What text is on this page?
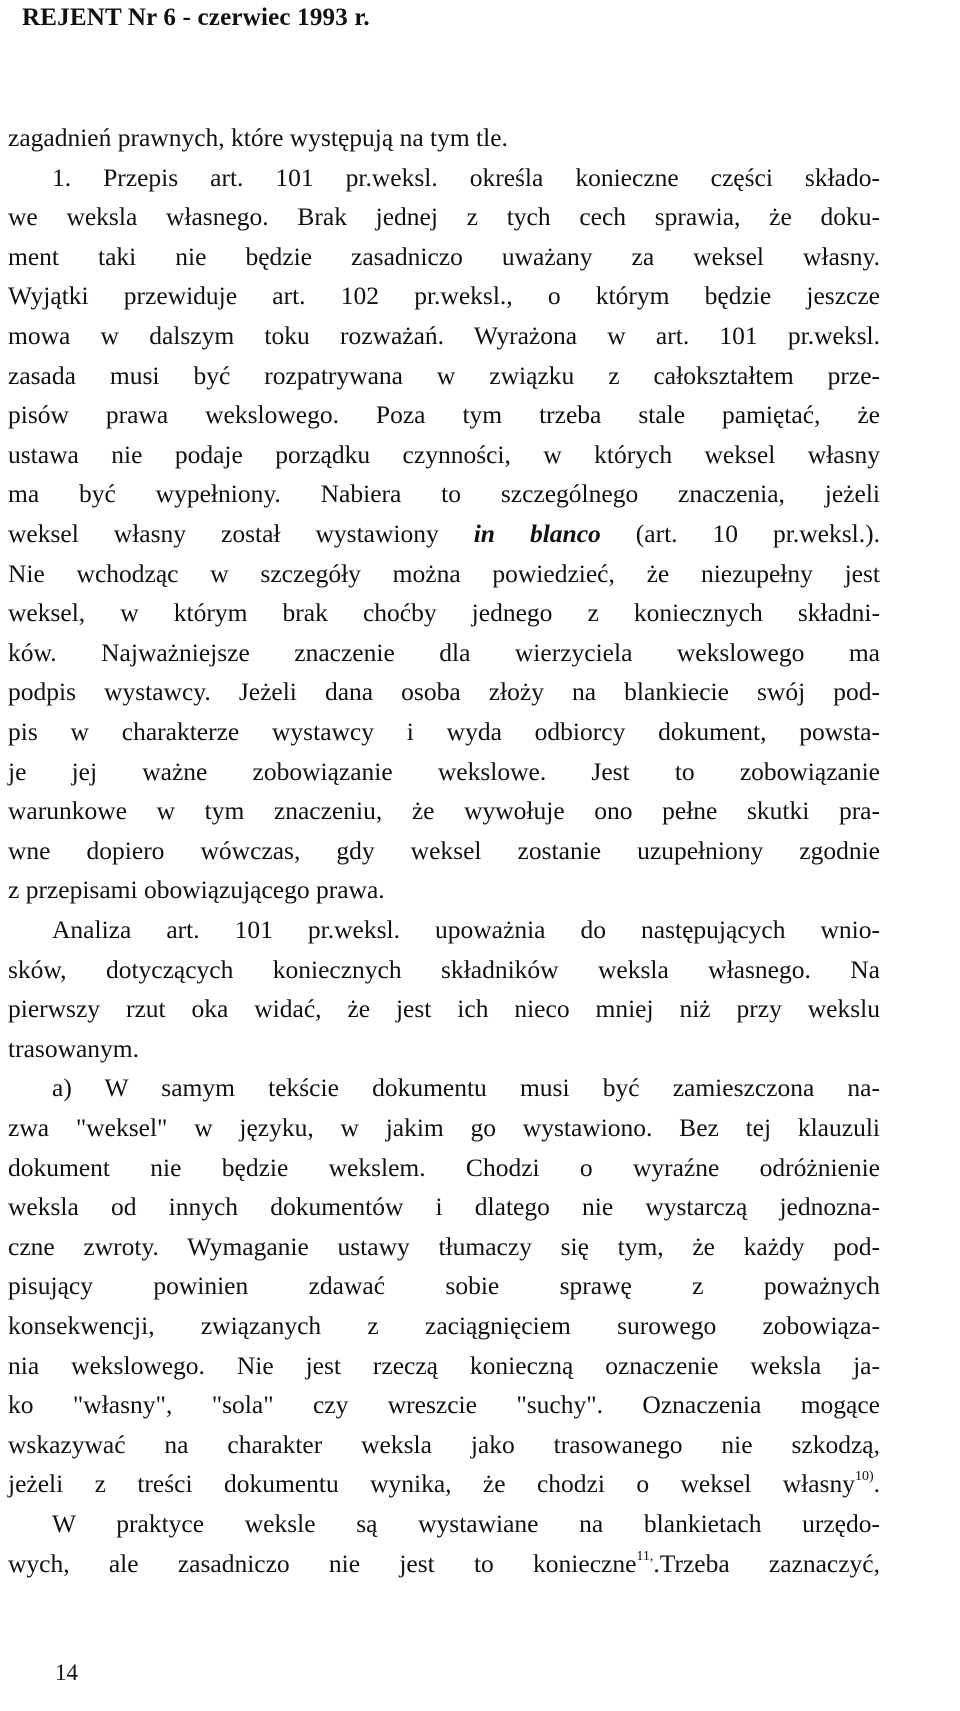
REJENT Nr 6 - czerwiec 1993 r.
zagadnień prawnych, które występują na tym tle.
1. Przepis art. 101 pr.weksl. określa konieczne części składo-
we weksla własnego. Brak jednej z tych cech sprawia, że doku-
ment taki nie będzie zasadniczo uważany za weksel własny.
Wyjątki przewiduje art. 102 pr.weksl., o którym będzie jeszcze
mowa w dalszym toku rozważań. Wyrażona w art. 101 pr.weksl.
zasada musi być rozpatrywana w związku z całokształtem prze-
pisów prawa wekslowego. Poza tym trzeba stale pamiętać, że
ustawa nie podaje porządku czynności, w których weksel własny
ma być wypełniony. Nabiera to szczególnego znaczenia, jeżeli
weksel własny został wystawiony in blanco (art. 10 pr.weksl.).
Nie wchodząc w szczegóły można powiedzieć, że niezupełny jest
weksel, w którym brak choćby jednego z koniecznych składni-
ków. Najważniejsze znaczenie dla wierzyciela wekslowego ma
podpis wystawcy. Jeżeli dana osoba złoży na blankiecie swój pod-
pis w charakterze wystawcy i wyda odbiorcy dokument, powsta-
je jej ważne zobowiązanie wekslowe. Jest to zobowiązanie
warunkowe w tym znaczeniu, że wywołuje ono pełne skutki pra-
wne dopiero wówczas, gdy weksel zostanie uzupełniony zgodnie
z przepisami obowiązującego prawa.
Analiza art. 101 pr.weksl. upoważnia do następujących wnio-
sków, dotyczących koniecznych składników weksla własnego. Na
pierwszy rzut oka widać, że jest ich nieco mniej niż przy wekslu
trasowanym.
a) W samym tekście dokumentu musi być zamieszczona na-
zwa "weksel" w języku, w jakim go wystawiono. Bez tej klauzuli
dokument nie będzie wekslem. Chodzi o wyraźne odróżnienie
weksla od innych dokumentów i dlatego nie wystarczą jednozna-
czne zwroty. Wymaganie ustawy tłumaczy się tym, że każdy pod-
pisujący powinien zdawać sobie sprawę z poważnych
konsekwencji, związanych z zaciągnięciem surowego zobowiąza-
nia wekslowego. Nie jest rzeczą konieczną oznaczenie weksla ja-
ko "własny", "sola" czy wreszcie "suchy". Oznaczenia mogące
wskazywać na charakter weksla jako trasowanego nie szkodzą,
jeżeli z treści dokumentu wynika, że chodzi o weksel własny$^{10)}$.
W praktyce weksle są wystawiane na blankietach urzędo-
wych, ale zasadniczo nie jest to konieczne$^{11,}$.Trzeba zaznaczyć,
14
